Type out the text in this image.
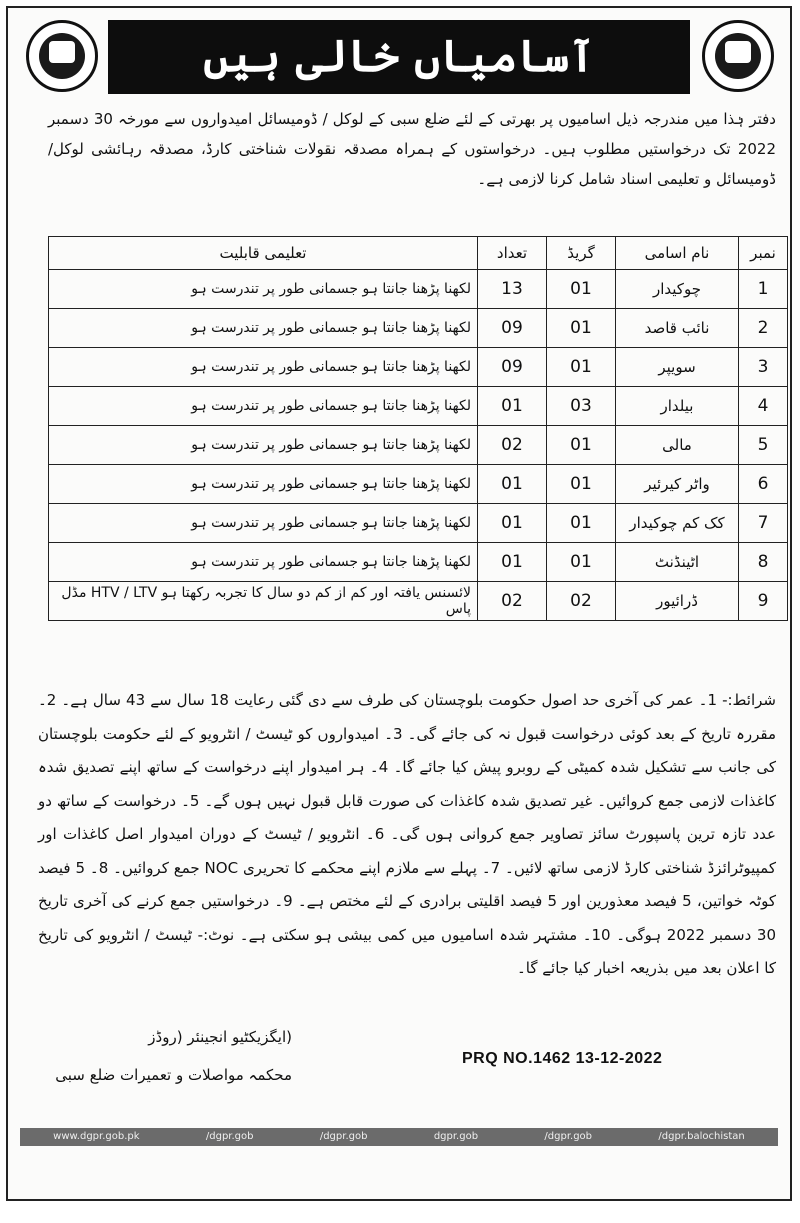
آسامیاں خالی ہیں
دفتر ہٰذا میں مندرجہ ذیل اسامیوں پر بھرتی کے لئے ضلع سبی کے لوکل / ڈومیسائل امیدواروں سے مورخہ 30 دسمبر 2022 تک درخواستیں مطلوب ہیں۔ درخواستوں کے ہمراہ مصدقہ نقولات شناختی کارڈ، مصدقہ رہائشی لوکل/ڈومیسائل و تعلیمی اسناد شامل کرنا لازمی ہے۔
نمبر	نام اسامی	گریڈ	تعداد	تعلیمی قابلیت
1	چوکیدار	01	13	لکھنا پڑھنا جانتا ہو جسمانی طور پر تندرست ہو
2	نائب قاصد	01	09	لکھنا پڑھنا جانتا ہو جسمانی طور پر تندرست ہو
3	سویپر	01	09	لکھنا پڑھنا جانتا ہو جسمانی طور پر تندرست ہو
4	بیلدار	03	01	لکھنا پڑھنا جانتا ہو جسمانی طور پر تندرست ہو
5	مالی	01	02	لکھنا پڑھنا جانتا ہو جسمانی طور پر تندرست ہو
6	واٹر کیرئیر	01	01	لکھنا پڑھنا جانتا ہو جسمانی طور پر تندرست ہو
7	کک کم چوکیدار	01	01	لکھنا پڑھنا جانتا ہو جسمانی طور پر تندرست ہو
8	اٹینڈنٹ	01	01	لکھنا پڑھنا جانتا ہو جسمانی طور پر تندرست ہو
9	ڈرائیور	02	02	لائسنس یافتہ اور کم از کم دو سال کا تجربہ رکھتا ہو HTV / LTV مڈل پاس
شرائط:- 1۔ عمر کی آخری حد اصول حکومت بلوچستان کی طرف سے دی گئی رعایت 18 سال سے 43 سال ہے۔ 2۔ مقررہ تاریخ کے بعد کوئی درخواست قبول نہ کی جائے گی۔ 3۔ امیدواروں کو ٹیسٹ / انٹرویو کے لئے حکومت بلوچستان کی جانب سے تشکیل شدہ کمیٹی کے روبرو پیش کیا جائے گا۔ 4۔ ہر امیدوار اپنے درخواست کے ساتھ اپنے تصدیق شدہ کاغذات لازمی جمع کروائیں۔ غیر تصدیق شدہ کاغذات کی صورت قابل قبول نہیں ہوں گے۔ 5۔ درخواست کے ساتھ دو عدد تازہ ترین پاسپورٹ سائز تصاویر جمع کروانی ہوں گی۔ 6۔ انٹرویو / ٹیسٹ کے دوران امیدوار اصل کاغذات اور کمپیوٹرائزڈ شناختی کارڈ لازمی ساتھ لائیں۔ 7۔ پہلے سے ملازم اپنے محکمے کا تحریری NOC جمع کروائیں۔ 8۔ 5 فیصد کوٹہ خواتین، 5 فیصد معذورین اور 5 فیصد اقلیتی برادری کے لئے مختص ہے۔ 9۔ درخواستیں جمع کرنے کی آخری تاریخ 30 دسمبر 2022 ہوگی۔ 10۔ مشتہر شدہ اسامیوں میں کمی بیشی ہو سکتی ہے۔ نوٹ:- ٹیسٹ / انٹرویو کی تاریخ کا اعلان بعد میں بذریعہ اخبار کیا جائے گا۔
(ایگزیکٹیو انجینئر (روڈز
محکمہ مواصلات و تعمیرات ضلع سبی
PRQ NO.1462 13-12-2022
www.dgpr.gob.pk	/dgpr.gob	/dgpr.gob	dgpr.gob	/dgpr.gob	/dgpr.balochistan
